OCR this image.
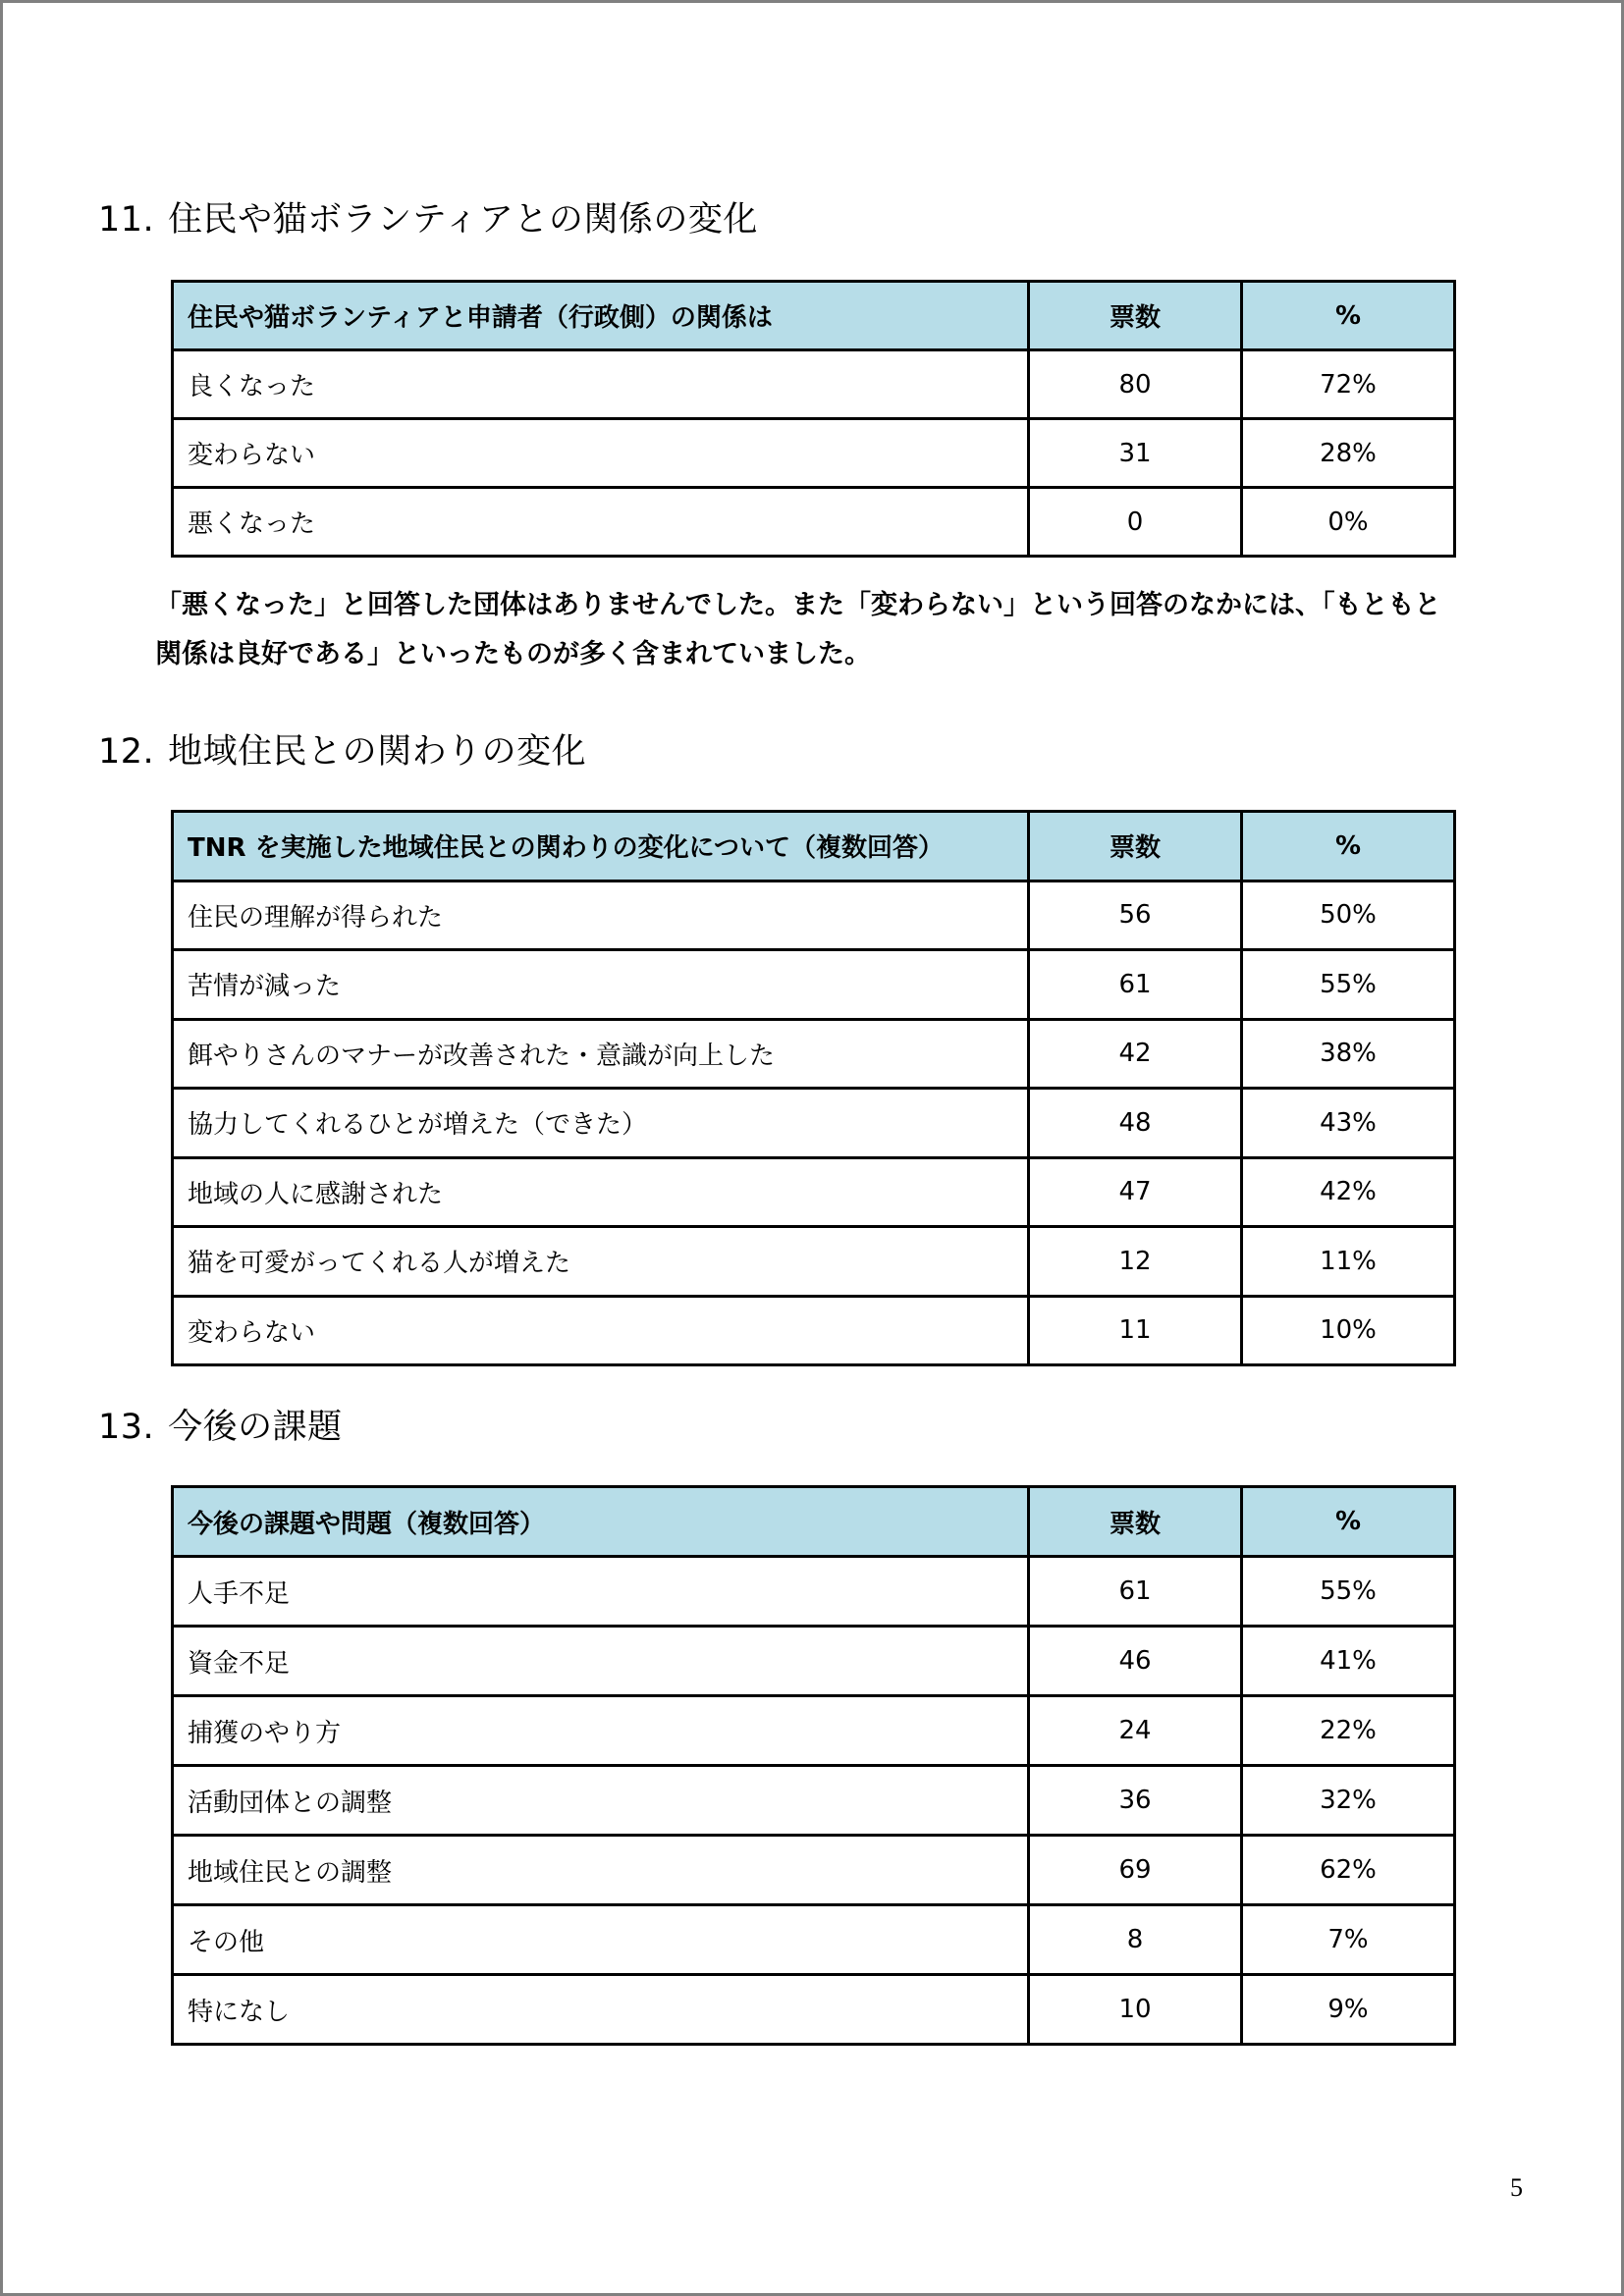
11. 住民や猫ボランティアとの関係の変化
住民や猫ボランティアと申請者（行政側）の関係は	票数	%
良くなった	80	72%
変わらない	31	28%
悪くなった	0	0%

「悪くなった」と回答した団体はありませんでした。また「変わらない」という回答のなかには、「もともと

関係は良好である」といったものが多く含まれていました。

12. 地域住民との関わりの変化
TNR を実施した地域住民との関わりの変化について（複数回答）	票数	%
住民の理解が得られた	56	50%
苦情が減った	61	55%
餌やりさんのマナーが改善された・意識が向上した	42	38%
協力してくれるひとが増えた（できた）	48	43%
地域の人に感謝された	47	42%
猫を可愛がってくれる人が増えた	12	11%
変わらない	11	10%
13. 今後の課題
今後の課題や問題（複数回答）	票数	%
人手不足	61	55%
資金不足	46	41%
捕獲のやり方	24	22%
活動団体との調整	36	32%
地域住民との調整	69	62%
その他	8	7%
特になし	10	9%
5
